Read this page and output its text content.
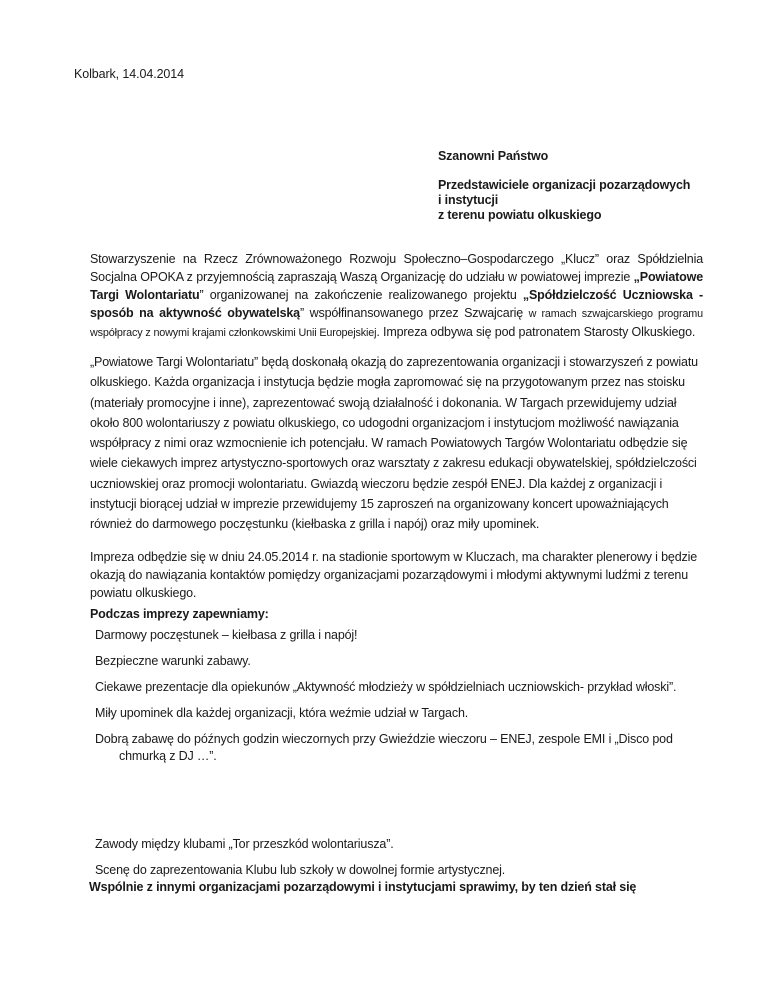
Kolbark, 14.04.2014
Szanowni Państwo
Przedstawiciele organizacji pozarządowych
i instytucji
z terenu powiatu olkuskiego
Stowarzyszenie na Rzecz Zrównoważonego Rozwoju Społeczno–Gospodarczego „Klucz” oraz Spółdzielnia Socjalna OPOKA z przyjemnością zapraszają Waszą Organizację do udziału w powiatowej imprezie „Powiatowe Targi Wolontariatu” organizowanej na zakończenie realizowanego projektu „Spółdzielczość Uczniowska - sposób na aktywność obywatelską” współfinansowanego przez Szwajcarię w ramach szwajcarskiego programu współpracy z nowymi krajami członkowskimi Unii Europejskiej. Impreza odbywa się pod patronatem Starosty Olkuskiego.
„Powiatowe Targi Wolontariatu” będą doskonałą okazją do zaprezentowania organizacji i stowarzyszeń z powiatu olkuskiego. Każda organizacja i instytucja będzie mogła zapromować się na przygotowanym przez nas stoisku (materiały promocyjne i inne), zaprezentować swoją działalność i dokonania. W Targach przewidujemy udział około 800 wolontariuszy z powiatu olkuskiego, co udogodni organizacjom i instytucjom możliwość nawiązania współpracy z nimi oraz wzmocnienie ich potencjału. W ramach Powiatowych Targów Wolontariatu odbędzie się wiele ciekawych imprez artystyczno-sportowych oraz warsztaty z zakresu edukacji obywatelskiej, spółdzielczości uczniowskiej oraz promocji wolontariatu. Gwiazdą wieczoru będzie zespół ENEJ. Dla każdej z organizacji i instytucji biorącej udział w imprezie przewidujemy 15 zaproszeń na organizowany koncert upoważniających również do darmowego poczęstunku (kiełbaska z grilla i napój) oraz miły upominek.
Impreza odbędzie się w dniu 24.05.2014 r. na stadionie sportowym w Kluczach, ma charakter plenerowy i będzie okazją do nawiązania kontaktów pomiędzy organizacjami pozarządowymi i młodymi aktywnymi ludźmi z terenu powiatu olkuskiego.
Podczas imprezy zapewniamy:
Darmowy poczęstunek – kiełbasa z grilla i napój!
Bezpieczne warunki zabawy.
Ciekawe prezentacje dla opiekunów „Aktywność młodzieży w spółdzielniach uczniowskich- przykład włoski”.
Miły upominek dla każdej organizacji, która weźmie udział w Targach.
Dobrą zabawę do późnych godzin wieczornych przy Gwieździe wieczoru – ENEJ, zespole EMI i „Disco pod chmurką z DJ …”.
Zawody między klubami „Tor przeszkód wolontariusza”.
Scenę do zaprezentowania Klubu lub szkoły w dowolnej formie artystycznej.
Wspólnie z innymi organizacjami pozarządowymi i instytucjami sprawimy, by ten dzień stał się
